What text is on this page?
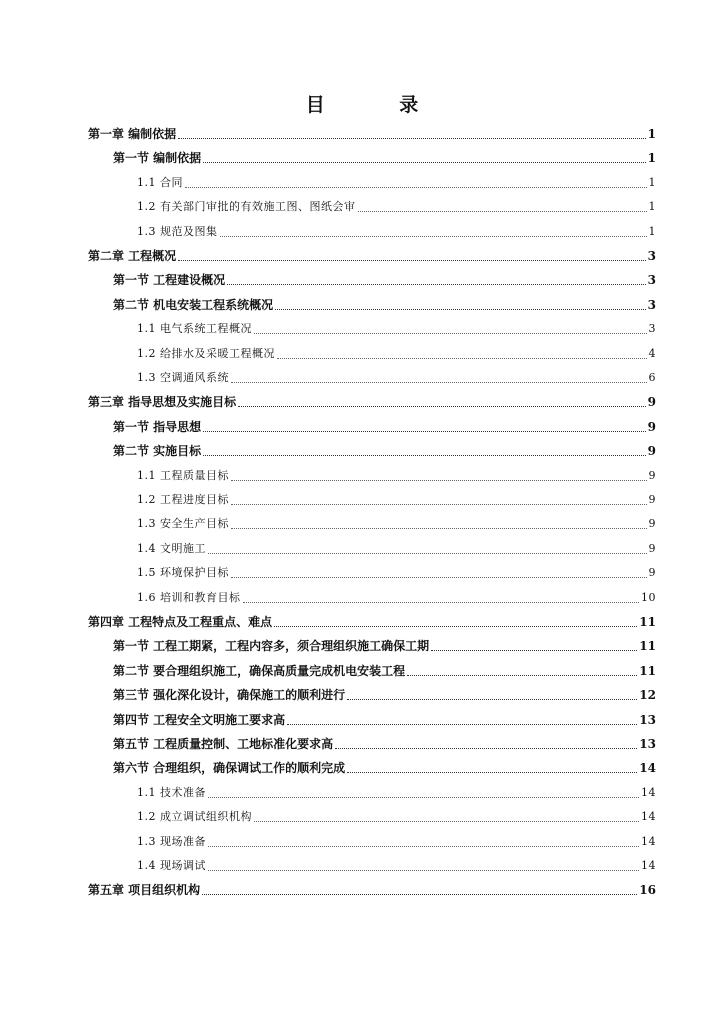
目 录
第一章 编制依据	1
第一节 编制依据	1
1.1 合同	1
1.2 有关部门审批的有效施工图、图纸会审	1
1.3 规范及图集	1
第二章 工程概况	3
第一节 工程建设概况	3
第二节 机电安装工程系统概况	3
1.1 电气系统工程概况	3
1.2 给排水及采暖工程概况	4
1.3 空调通风系统	6
第三章 指导思想及实施目标	9
第一节 指导思想	9
第二节 实施目标	9
1.1 工程质量目标	9
1.2 工程进度目标	9
1.3 安全生产目标	9
1.4 文明施工	9
1.5 环境保护目标	9
1.6 培训和教育目标	10
第四章 工程特点及工程重点、难点	11
第一节 工程工期紧，工程内容多，须合理组织施工确保工期	11
第二节 要合理组织施工，确保高质量完成机电安装工程	11
第三节 强化深化设计，确保施工的顺利进行	12
第四节 工程安全文明施工要求高	13
第五节 工程质量控制、工地标准化要求高	13
第六节 合理组织，确保调试工作的顺利完成	14
1.1 技术准备	14
1.2 成立调试组织机构	14
1.3 现场准备	14
1.4 现场调试	14
第五章 项目组织机构	16
